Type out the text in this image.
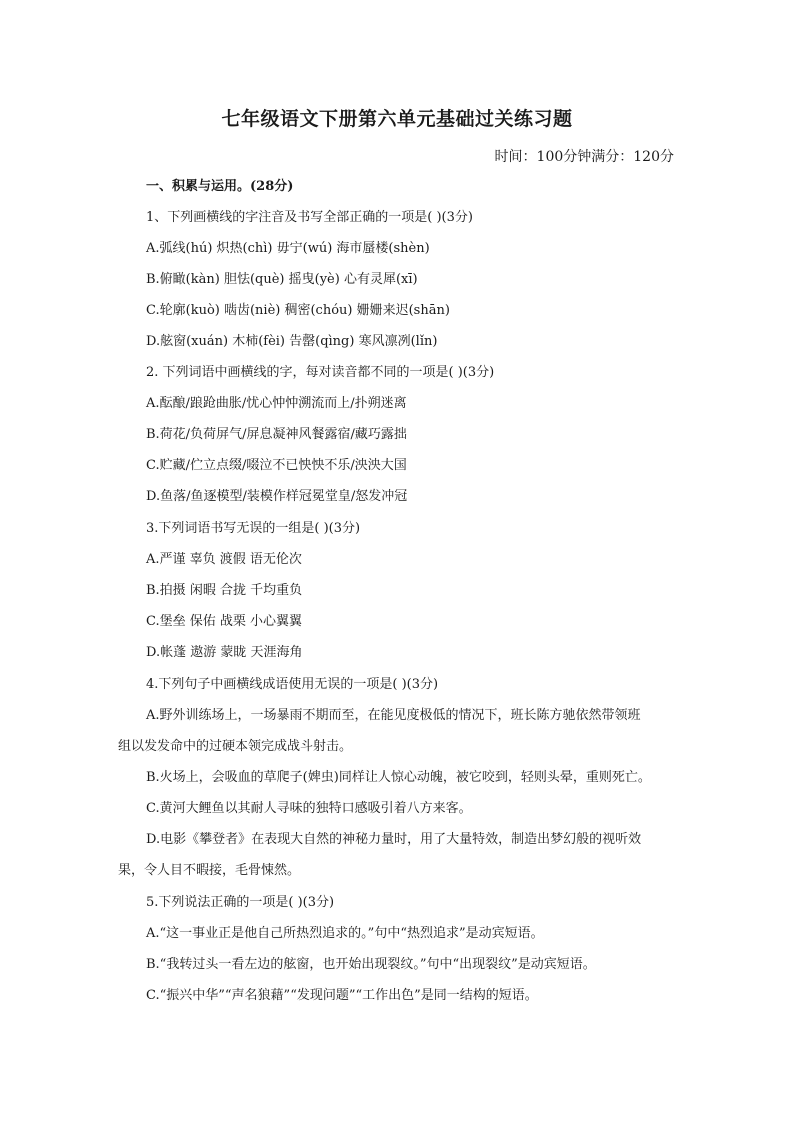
七年级语文下册第六单元基础过关练习题
时间：100分钟满分：120分
一、积累与运用。(28分)
1、下列画横线的字注音及书写全部正确的一项是( )(3分)
A.弧线(hú) 炽热(chì) 毋宁(wú) 海市蜃楼(shèn)
B.俯瞰(kàn) 胆怯(què) 摇曳(yè) 心有灵犀(xī)
C.轮廓(kuò) 啮齿(niè) 稠密(chóu) 姗姗来迟(shān)
D.舷窗(xuán) 木柿(fèi) 告罄(qìng) 寒风凛冽(lǐn)
2. 下列词语中画横线的字，每对读音都不同的一项是( )(3分)
A.酝酿/踉跄曲胀/忧心忡忡溯流而上/扑朔迷离
B.荷花/负荷屏气/屏息凝神风餐露宿/藏巧露拙
C.贮藏/伫立点缀/啜泣不已怏怏不乐/泱泱大国
D.鱼落/鱼逐模型/装模作样冠冕堂皇/怒发冲冠
3.下列词语书写无误的一组是( )(3分)
A.严谨 辜负 渡假 语无伦次
B.拍摄 闲暇 合拢 千均重负
C.堡垒 保佑 战栗 小心翼翼
D.帐蓬 遨游 蒙眬 天涯海角
4.下列句子中画横线成语使用无误的一项是( )(3分)
A.野外训练场上，一场暴雨不期而至，在能见度极低的情况下，班长陈方驰依然带领班
组以发发命中的过硬本领完成战斗射击。
B.火场上，会吸血的草爬子(婢虫)同样让人惊心动魄，被它咬到，轻则头晕，重则死亡。
C.黄河大鲤鱼以其耐人寻味的独特口感吸引着八方来客。
D.电影《攀登者》在表现大自然的神秘力量时，用了大量特效，制造出梦幻般的视听效
果，令人目不暇接，毛骨悚然。
5.下列说法正确的一项是( )(3分)
A.“这一事业正是他自己所热烈追求的。”句中“热烈追求”是动宾短语。
B.“我转过头一看左边的舷窗，也开始出现裂纹。”句中“出现裂纹”是动宾短语。
C.“振兴中华”“声名狼藉”“发现问题”“工作出色”是同一结构的短语。
